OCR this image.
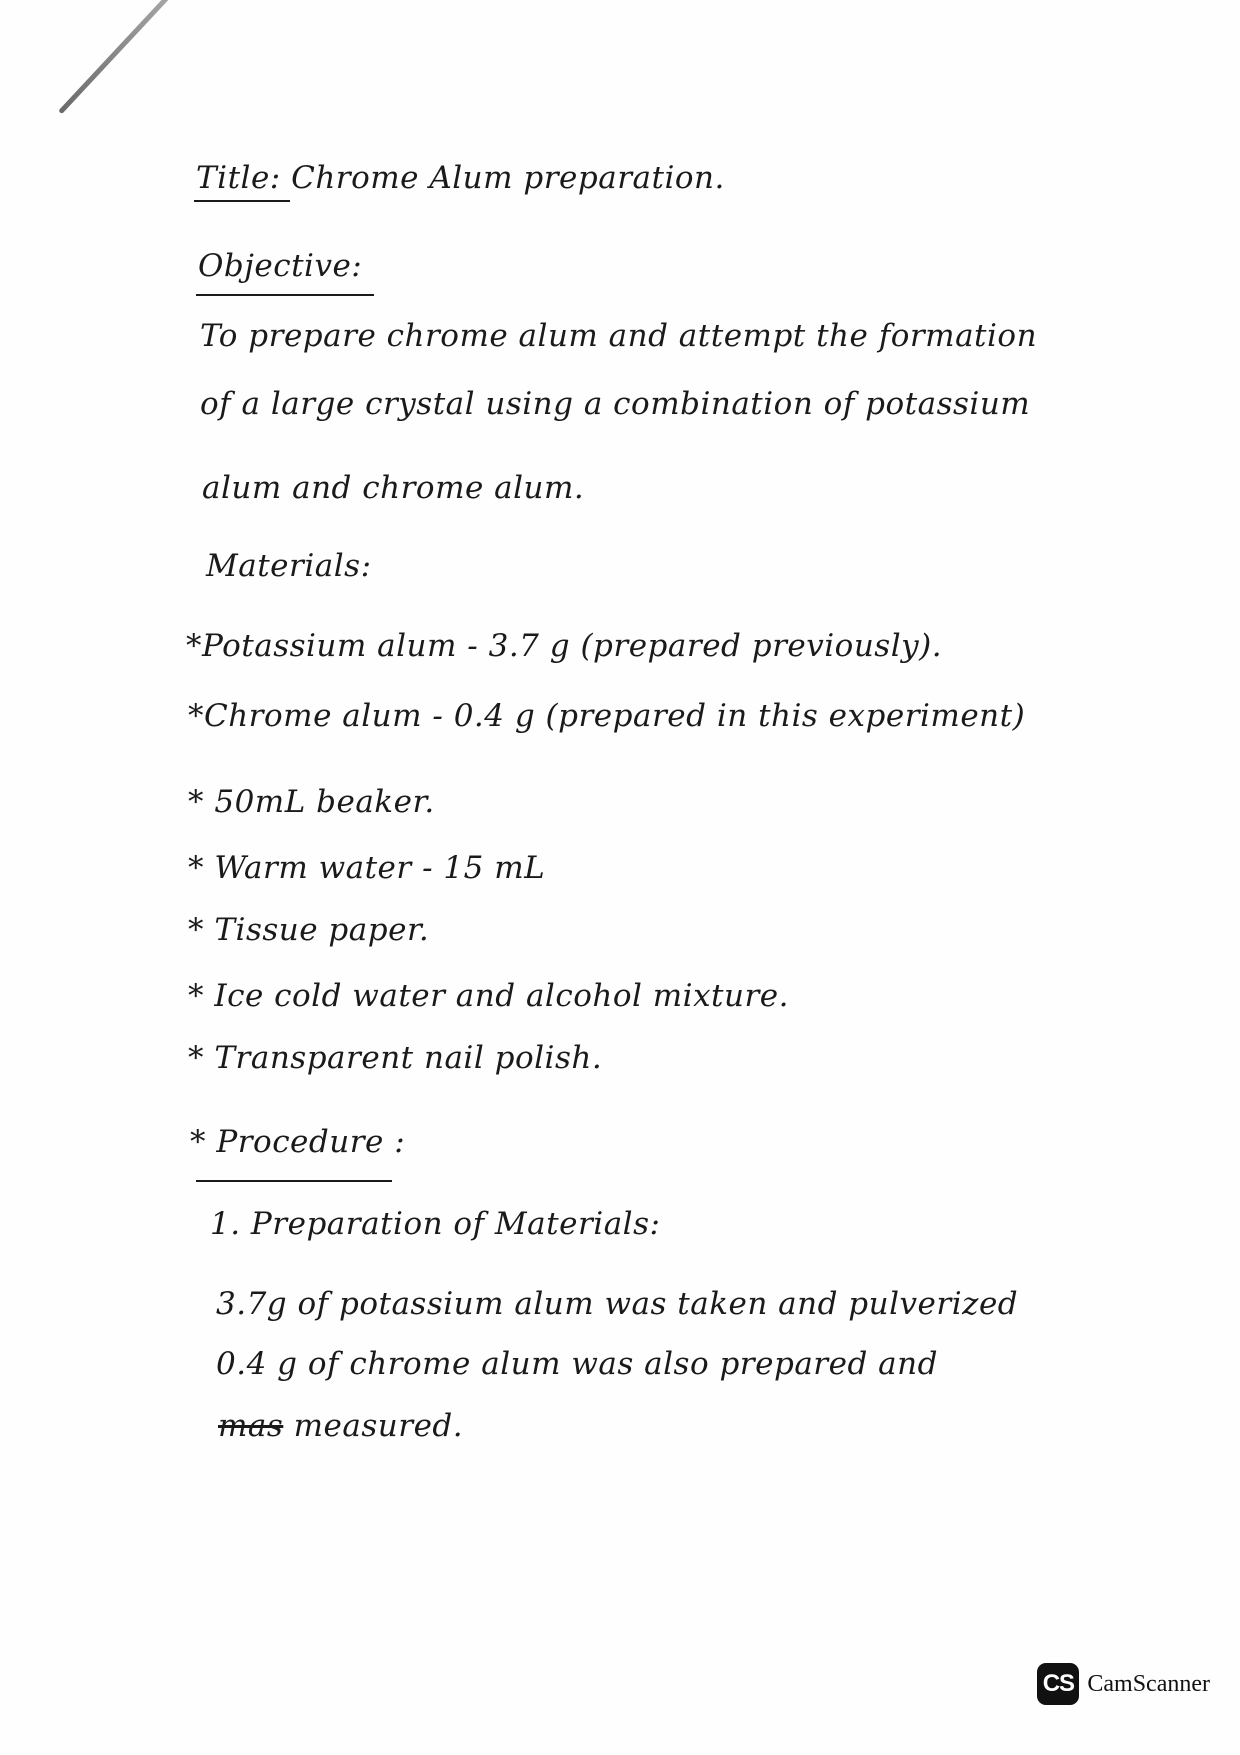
Title: Chrome Alum preparation.
Objective:
To prepare chrome alum and attempt the formation
of a large crystal using a combination of potassium
alum and chrome alum.
Materials:
*Potassium alum - 3.7 g (prepared previously).
*Chrome alum - 0.4 g (prepared in this experiment)
* 50mL beaker.
* Warm water - 15 mL
* Tissue paper.
* Ice cold water and alcohol mixture.
* Transparent nail polish.
* Procedure :
1. Preparation of Materials:
3.7g of potassium alum was taken and pulverized
0.4 g of chrome alum was also prepared and
mas measured.
CS CamScanner
